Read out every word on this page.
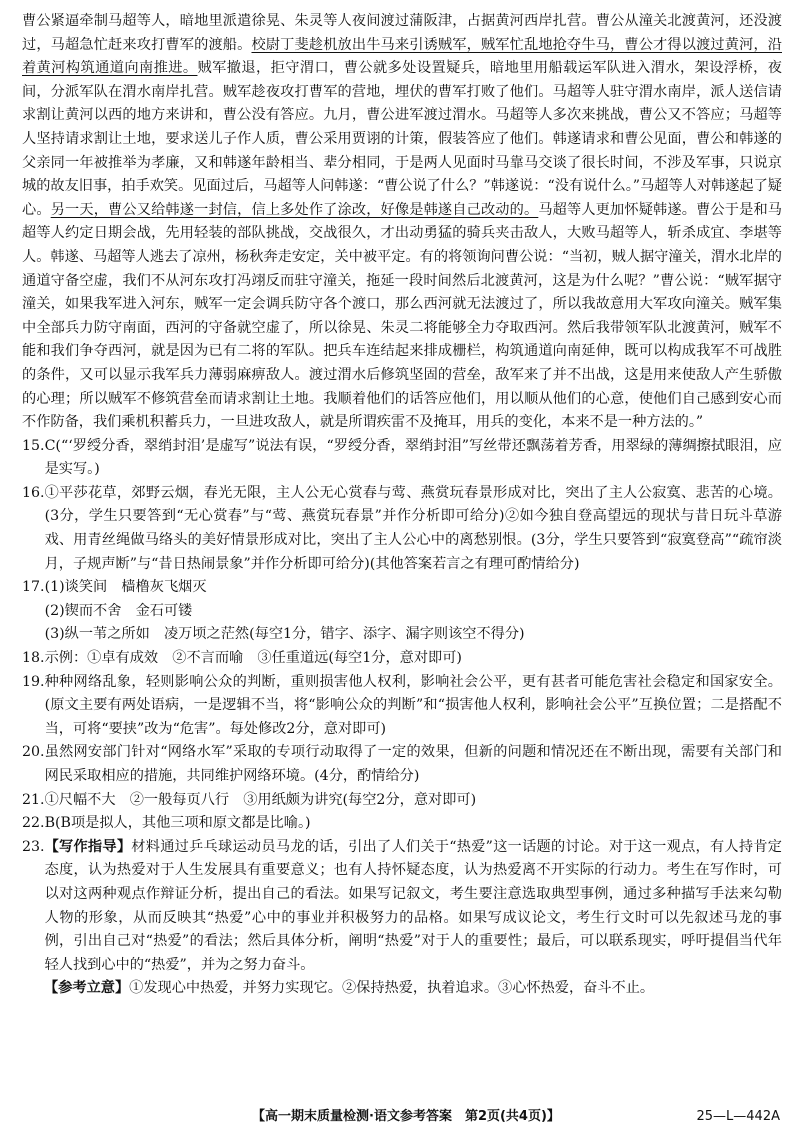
曹公紧逼牵制马超等人，暗地里派遣徐晃、朱灵等人夜间渡过蒲阪津，占据黄河西岸扎营。曹公从潼关北渡黄河，还没渡过，马超急忙赶来攻打曹军的渡船。校尉丁斐趁机放出牛马来引诱贼军，贼军忙乱地抢夺牛马，曹公才得以渡过黄河，沿着黄河构筑通道向南推进。贼军撤退，拒守渭口，曹公就多处设置疑兵，暗地里用船载运军队进入渭水，架设浮桥，夜间，分派军队在渭水南岸扎营。贼军趁夜攻打曹军的营地，埋伏的曹军打败了他们。马超等人驻守渭水南岸，派人送信请求割让黄河以西的地方来讲和，曹公没有答应。九月，曹公进军渡过渭水。马超等人多次来挑战，曹公又不答应；马超等人坚持请求割让土地，要求送儿子作人质，曹公采用贾诩的计策，假装答应了他们。韩遂请求和曹公见面，曹公和韩遂的父亲同一年被推举为孝廉，又和韩遂年龄相当、辈分相同，于是两人见面时马靠马交谈了很长时间，不涉及军事，只说京城的故友旧事，拍手欢笑。见面过后，马超等人问韩遂：“曹公说了什么？”韩遂说：“没有说什么。”马超等人对韩遂起了疑心。另一天，曹公又给韩遂一封信，信上多处作了涂改，好像是韩遂自己改动的。马超等人更加怀疑韩遂。曹公于是和马超等人约定日期会战，先用轻装的部队挑战，交战很久，才出动勇猛的骑兵夹击敌人，大败马超等人，斩杀成宜、李堪等人。韩遂、马超等人逃去了凉州，杨秋奔走安定，关中被平定。有的将领询问曹公说：“当初，贼人据守潼关，渭水北岸的通道守备空虚，我们不从河东攻打冯翊反而驻守潼关，拖延一段时间然后北渡黄河，这是为什么呢？”曹公说：“贼军据守潼关，如果我军进入河东，贼军一定会调兵防守各个渡口，那么西河就无法渡过了，所以我故意用大军攻向潼关。贼军集中全部兵力防守南面，西河的守备就空虚了，所以徐晃、朱灵二将能够全力夺取西河。然后我带领军队北渡黄河，贼军不能和我们争夺西河，就是因为已有二将的军队。把兵车连结起来排成栅栏，构筑通道向南延伸，既可以构成我军不可战胜的条件，又可以显示我军兵力薄弱麻痹敌人。渡过渭水后修筑坚固的营垒，敌军来了并不出战，这是用来使敌人产生骄傲的心理；所以贼军不修筑营垒而请求割让土地。我顺着他们的话答应他们，用以顺从他们的心意，使他们自己感到安心而不作防备，我们乘机积蓄兵力，一旦进攻敌人，就是所谓疾雷不及掩耳，用兵的变化，本来不是一种方法的。”

15. C(“‘罗绶分香，翠绡封泪’是虚写”说法有误，“罗绶分香，翠绡封泪”写丝带还飘荡着芳香，用翠绿的薄绸擦拭眼泪，应是实写。)
16. ①平莎花草，郊野云烟，春光无限，主人公无心赏春与莺、燕赏玩春景形成对比，突出了主人公寂寞、悲苦的心境。(3分，学生只要答到“无心赏春”与“莺、燕赏玩春景”并作分析即可给分)②如今独自登高望远的现状与昔日玩斗草游戏、用青丝绳做马络头的美好情景形成对比，突出了主人公心中的离愁别恨。(3分，学生只要答到“寂寞登高”“疏帘淡月，子规声断”与“昔日热闹景象”并作分析即可给分)(其他答案若言之有理可酌情给分)
17. (1)谈笑间　樯橹灰飞烟灭
(2)锲而不舍　金石可镂
(3)纵一苇之所如　凌万顷之茫然(每空1分，错字、添字、漏字则该空不得分)
18. 示例：①卓有成效　②不言而喻　③任重道远(每空1分，意对即可)
19. 种种网络乱象，轻则影响公众的判断，重则损害他人权利，影响社会公平，更有甚者可能危害社会稳定和国家安全。(原文主要有两处语病，一是逻辑不当，将“影响公众的判断”和“损害他人权利，影响社会公平”互换位置；二是搭配不当，可将“要挟”改为“危害”。每处修改2分，意对即可)
20. 虽然网安部门针对“网络水军”采取的专项行动取得了一定的效果，但新的问题和情况还在不断出现，需要有关部门和网民采取相应的措施，共同维护网络环境。(4分，酌情给分)
21. ①尺幅不大　②一般每页八行　③用纸颇为讲究(每空2分，意对即可)
22. B(B项是拟人，其他三项和原文都是比喻。)
23. 【写作指导】材料通过乒乓球运动员马龙的话，引出了人们关于“热爱”这一话题的讨论。对于这一观点，有人持肯定态度，认为热爱对于人生发展具有重要意义；也有人持怀疑态度，认为热爱离不开实际的行动力。考生在写作时，可以对这两种观点作辩证分析，提出自己的看法。如果写记叙文，考生要注意选取典型事例，通过多种描写手法来勾勒人物的形象，从而反映其“热爱”心中的事业并积极努力的品格。如果写成议论文，考生行文时可以先叙述马龙的事例，引出自己对“热爱”的看法；然后具体分析，阐明“热爱”对于人的重要性；最后，可以联系现实，呼吁提倡当代年轻人找到心中的“热爱”，并为之努力奋斗。

【参考立意】①发现心中热爱，并努力实现它。②保持热爱，执着追求。③心怀热爱，奋斗不止。

【高一期末质量检测·语文参考答案　第2页(共4页)】	25—L—442A
